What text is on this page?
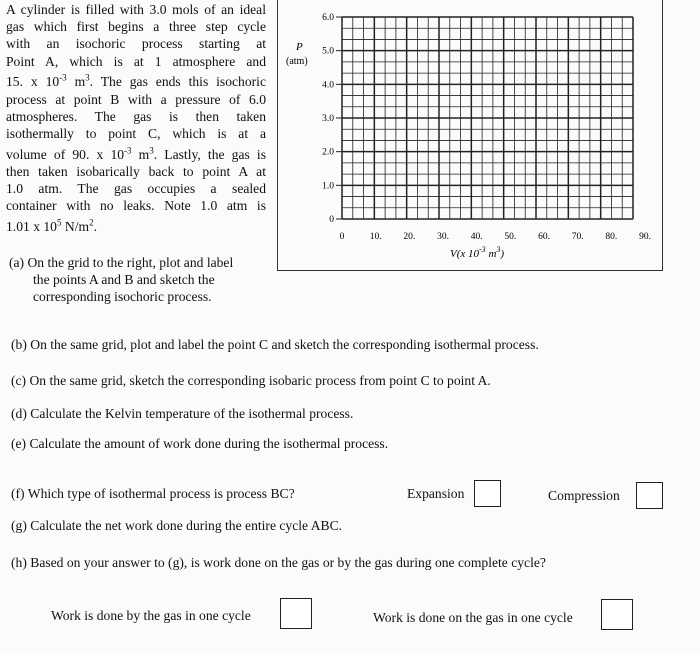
A cylinder is filled with 3.0 mols of an ideal
gas which first begins a three step cycle
with an isochoric process starting at
Point A, which is at 1 atmosphere and
15. x $10^{-3}$ $m^3$. The gas ends this isochoric
process at point B with a pressure of 6.0
atmospheres. The gas is then taken
isothermally to point C, which is at a
volume of 90. x $10^{-3}$ $m^3$. Lastly, the gas is
then taken isobarically back to point A at
1.0 atm. The gas occupies a sealed
container with no leaks. Note 1.0 atm is
1.01 x $10^5$ $N/m^2$.
6.0
5.0
4.0
3.0
2.0
1.0
0
0	10. 20. 30. 40. 50. 60. 70. 80. 90.
P
(atm)
V(x $10^{-3}$ $m^3$)
(a) On the grid to the right, plot and label
the points A and B and sketch the
corresponding isochoric process.
(b) On the same grid, plot and label the point C and sketch the corresponding isothermal process.
(c) On the same grid, sketch the corresponding isobaric process from point C to point A.
(d) Calculate the Kelvin temperature of the isothermal process.
(e) Calculate the amount of work done during the isothermal process.
(f) Which type of isothermal process is process BC?	Expansion	Compression
(g) Calculate the net work done during the entire cycle ABC.
(h) Based on your answer to (g), is work done on the gas or by the gas during one complete cycle?
Work is done by the gas in one cycle	Work is done on the gas in one cycle
